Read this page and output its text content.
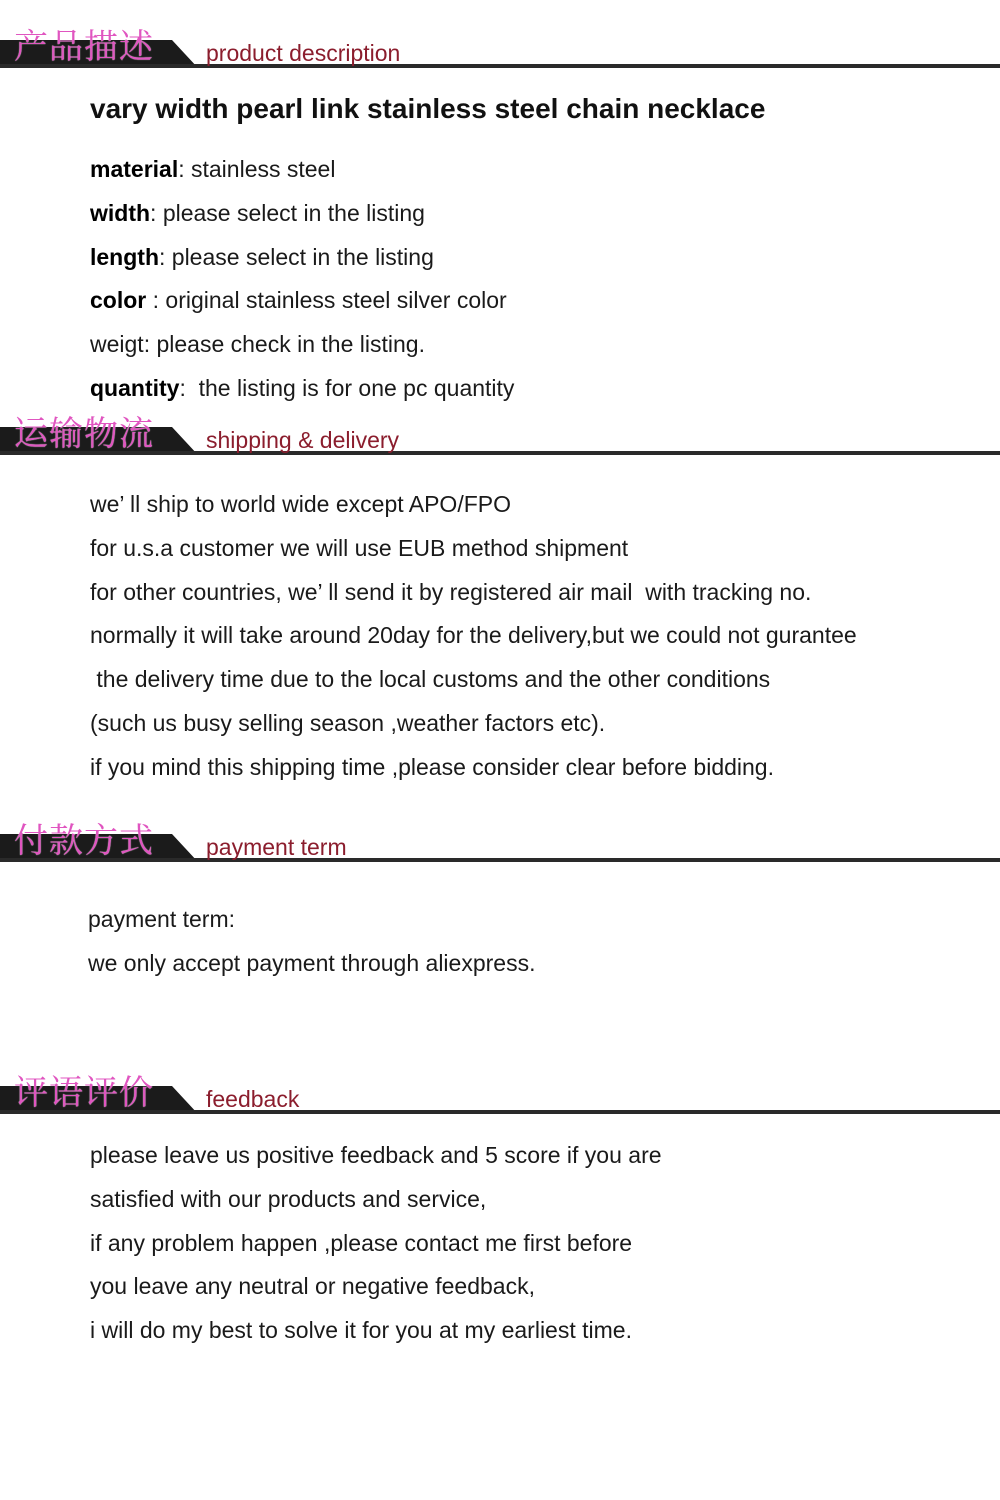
产品描述 product description
vary width pearl link stainless steel chain necklace
material: stainless steel
width: please select in the listing
length: please select in the listing
color : original stainless steel silver color
weigt: please check in the listing.
quantity:  the listing is for one pc quantity
运输物流 shipping & delivery
we’ ll ship to world wide except APO/FPO
for u.s.a customer we will use EUB method shipment
for other countries, we’ ll send it by registered air mail  with tracking no.
normally it will take around 20day for the delivery,but we could not gurantee
the delivery time due to the local customs and the other conditions
(such us busy selling season ,weather factors etc).
if you mind this shipping time ,please consider clear before bidding.
付款方式 payment term
payment term:
we only accept payment through aliexpress.
评语评价 feedback
please leave us positive feedback and 5 score if you are
satisfied with our products and service,
if any problem happen ,please contact me first before
you leave any neutral or negative feedback,
i will do my best to solve it for you at my earliest time.
